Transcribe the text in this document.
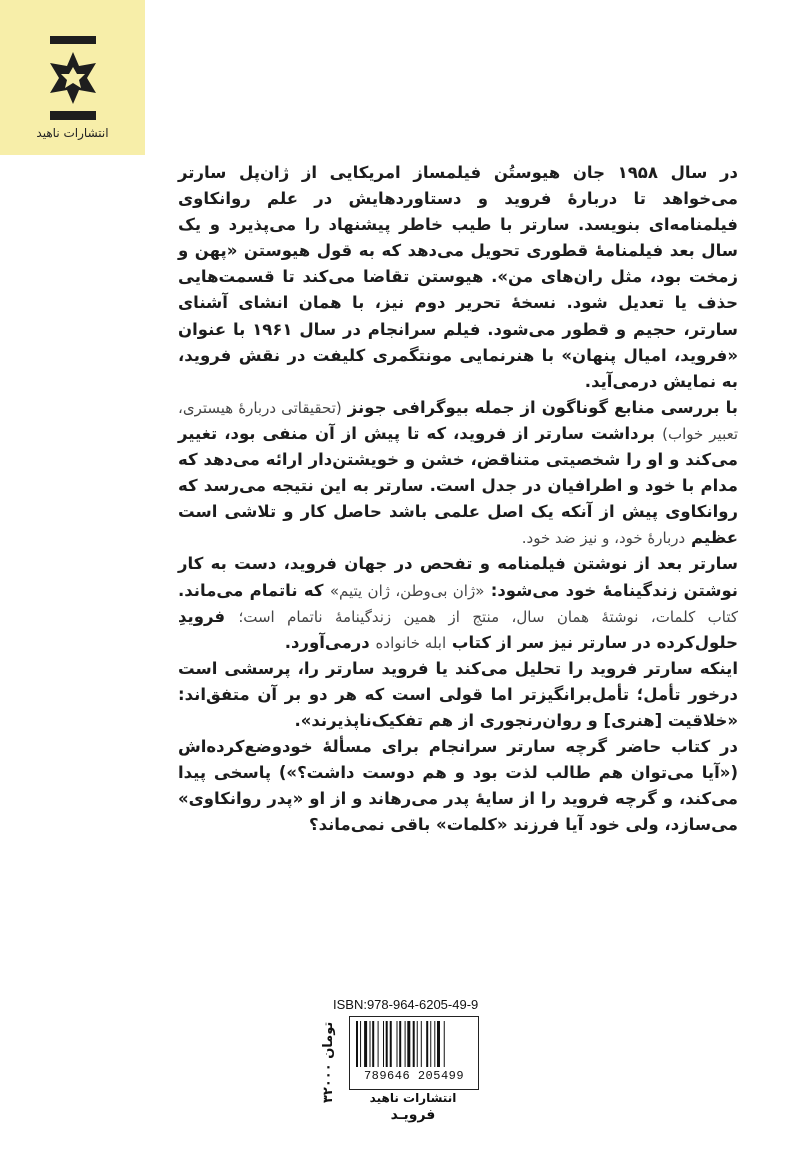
انتشارات ناهید

در سال ۱۹۵۸ جان هیوستُن فیلمساز امریکایی از ژان‌پل سارتر می‌خواهد تا دربارهٔ فروید و دستاوردهایش در علم روانکاوی فیلمنامه‌ای بنویسد. سارتر با طیب خاطر پیشنهاد را می‌پذیرد و یک سال بعد فیلمنامهٔ قطوری تحویل می‌دهد که به قول هیوستن «پهن و زمخت بود، مثل ران‌های من». هیوستن تقاضا می‌کند تا قسمت‌هایی حذف یا تعدیل شود. نسخهٔ تحریر دوم نیز، با همان انشای آشنای سارتر، حجیم و قطور می‌شود. فیلم سرانجام در سال ۱۹۶۱ با عنوان «فروید، امیال پنهان» با هنرنمایی مونتگمری کلیفت در نقش فروید، به نمایش درمی‌آید.

با بررسی منابع گوناگون از جمله بیوگرافی جونز (تحقیقاتی دربارهٔ هیستری، تعبیر خواب) برداشت سارتر از فروید، که تا پیش از آن منفی بود، تغییر می‌کند و او را شخصیتی متناقض، خشن و خویشتن‌دار ارائه می‌دهد که مدام با خود و اطرافیان در جدل است. سارتر به این نتیجه می‌رسد که روانکاوی پیش از آنکه یک اصل علمی باشد حاصل کار و تلاشی است عظیم دربارهٔ خود، و نیز ضد خود.

سارتر بعد از نوشتن فیلمنامه و تفحص در جهان فروید، دست به کار نوشتن زندگینامهٔ خود می‌شود: «ژان بی‌وطن، ژان یتیم» که ناتمام می‌ماند. کتاب کلمات، نوشتهٔ همان سال، منتج از همین زندگینامهٔ ناتمام است؛ فرویدِ حلول‌کرده در سارتر نیز سر از کتاب ابله خانواده درمی‌آورد.

اینکه سارتر فروید را تحلیل می‌کند یا فروید سارتر را، پرسشی است درخور تأمل؛ تأمل‌برانگیزتر اما قولی است که هر دو بر آن متفق‌اند: «خلاقیت [هنری] و روان‌رنجوری از هم تفکیک‌ناپذیرند».

در کتاب حاضر گرچه سارتر سرانجام برای مسألهٔ خودوضع‌کرده‌اش («آیا می‌توان هم طالب لذت بود و هم دوست داشت؟») پاسخی پیدا می‌کند، و گرچه فروید را از سایهٔ پدر می‌رهاند و از او «پدر روانکاوی» می‌سازد، ولی خود آیا فرزند «کلمات» باقی نمی‌ماند؟

ISBN:978-964-6205-49-9
۳۲۰۰۰ تومان
789646 205499
انتشارات ناهید
فرویـد
